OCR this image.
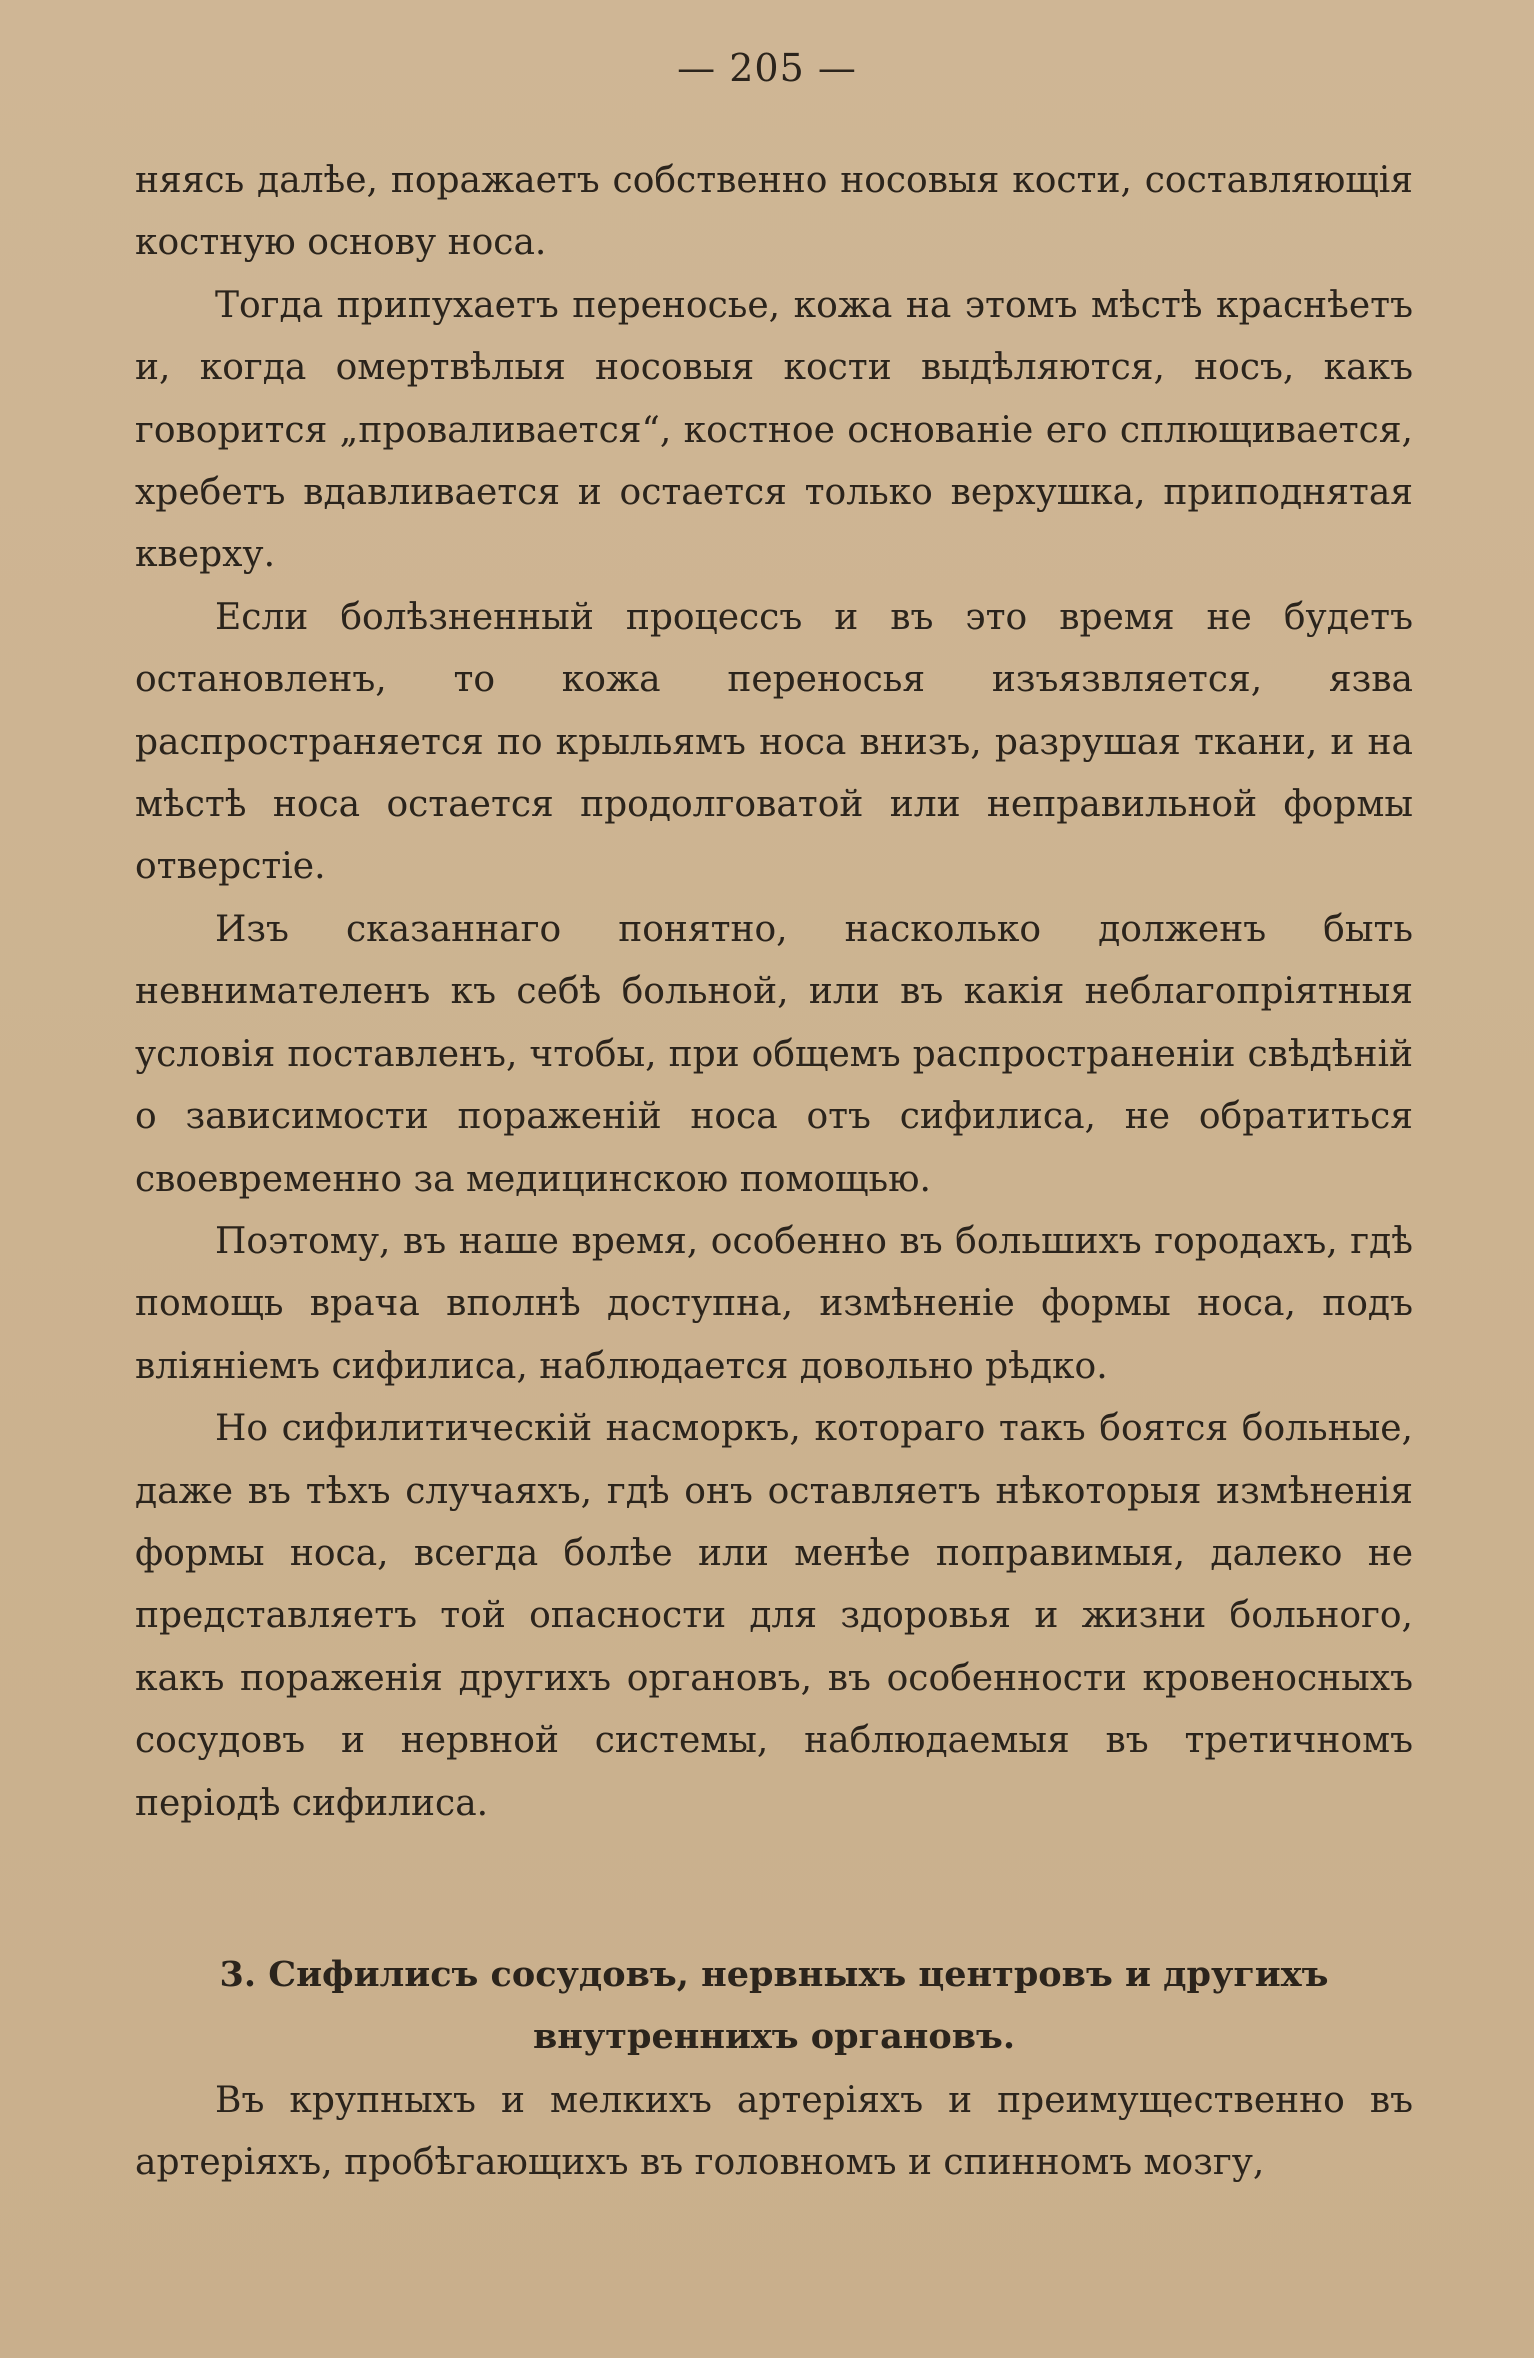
— 205 —

няясь далѣе, поражаетъ собственно носовыя кости, составляющія костную основу носа.

Тогда припухаетъ переносье, кожа на этомъ мѣстѣ краснѣетъ и, когда омертвѣлыя носовыя кости выдѣляются, носъ, какъ говорится „проваливается“, костное основаніе его сплющивается, хребетъ вдавливается и остается только верхушка, приподнятая кверху.

Если болѣзненный процессъ и въ это время не будетъ остановленъ, то кожа переносья изъязвляется, язва распространяется по крыльямъ носа внизъ, разрушая ткани, и на мѣстѣ носа остается продолговатой или неправильной формы отверстіе.

Изъ сказаннаго понятно, насколько долженъ быть невнимателенъ къ себѣ больной, или въ какія неблагопріятныя условія поставленъ, чтобы, при общемъ распространеніи свѣдѣній о зависимости пораженій носа отъ сифилиса, не обратиться своевременно за медицинскою помощью.

Поэтому, въ наше время, особенно въ большихъ городахъ, гдѣ помощь врача вполнѣ доступна, измѣненіе формы носа, подъ вліяніемъ сифилиса, наблюдается довольно рѣдко.

Но сифилитическій насморкъ, котораго такъ боятся больные, даже въ тѣхъ случаяхъ, гдѣ онъ оставляетъ нѣкоторыя измѣненія формы носа, всегда болѣе или менѣе поправимыя, далеко не представляетъ той опасности для здоровья и жизни больного, какъ пораженія другихъ органовъ, въ особенности кровеносныхъ сосудовъ и нервной системы, наблюдаемыя въ третичномъ періодѣ сифилиса.

3. Сифилисъ сосудовъ, нервныхъ центровъ и другихъ внутреннихъ органовъ.

Въ крупныхъ и мелкихъ артеріяхъ и преимущественно въ артеріяхъ, пробѣгающихъ въ головномъ и спинномъ мозгу,
